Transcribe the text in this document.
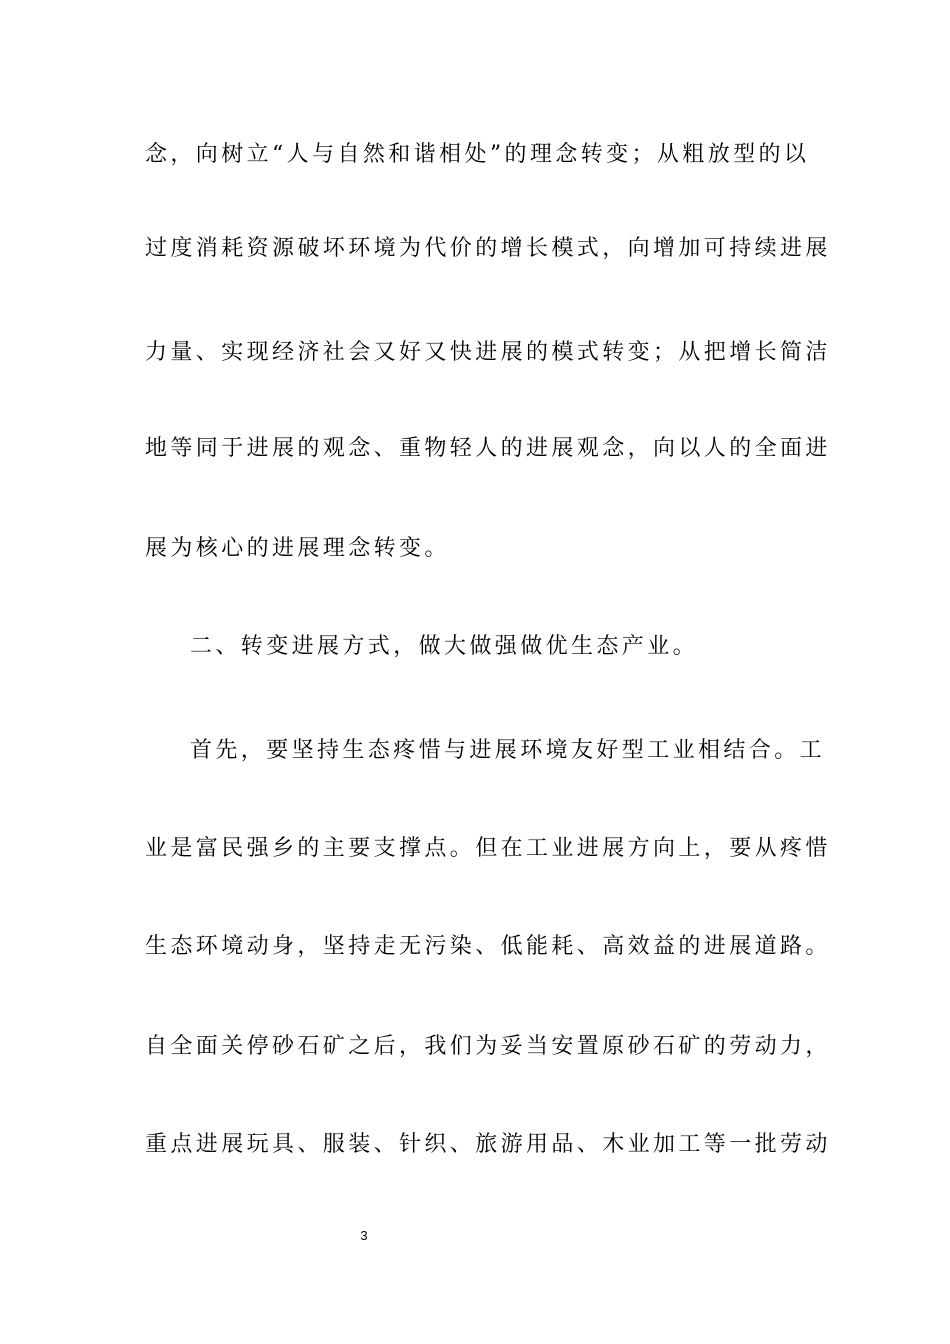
念，向树立“人与自然和谐相处”的理念转变；从粗放型的以
过度消耗资源破坏环境为代价的增长模式，向增加可持续进展
力量、实现经济社会又好又快进展的模式转变；从把增长简洁
地等同于进展的观念、重物轻人的进展观念，向以人的全面进
展为核心的进展理念转变。
二、转变进展方式，做大做强做优生态产业。
首先，要坚持生态疼惜与进展环境友好型工业相结合。工
业是富民强乡的主要支撑点。但在工业进展方向上，要从疼惜
生态环境动身，坚持走无污染、低能耗、高效益的进展道路。
自全面关停砂石矿之后，我们为妥当安置原砂石矿的劳动力，
重点进展玩具、服装、针织、旅游用品、木业加工等一批劳动
3
